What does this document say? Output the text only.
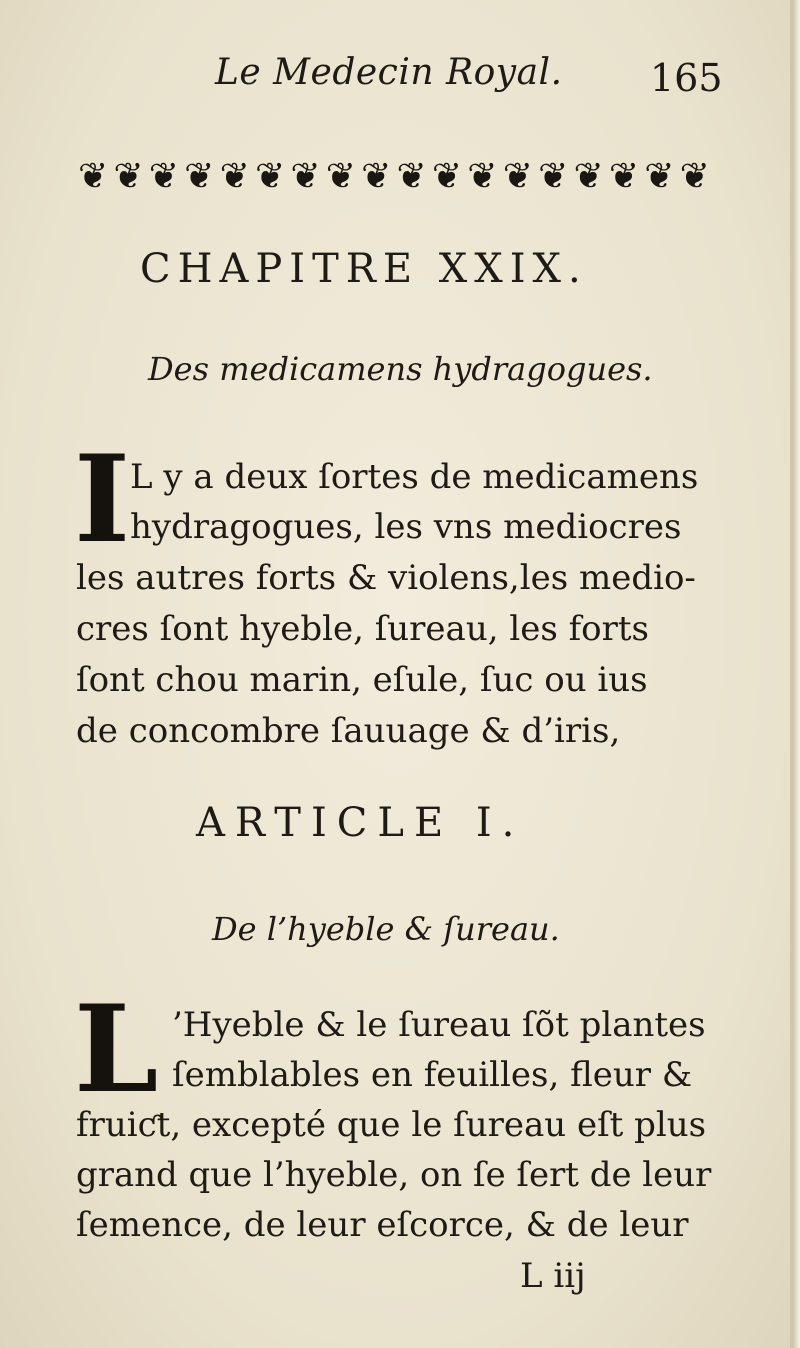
Le Medecin Royal. 165
❦ ❦ ❦ ❦ ❦ ❦ ❦ ❦ ❦ ❦ ❦ ❦ ❦ ❦ ❦ ❦ ❦ ❦
CHAPITRE XXIX.
Des medicamens hydragogues.
I L y a deux ſortes de medicamens
hydragogues, les vns mediocres
les autres forts & violens,les medio-
cres ſont hyeble, ſureau, les forts
ſont chou marin, eſule, ſuc ou ius
de concombre ſauuage & d’iris,
ARTICLE I.
De l’hyeble & ſureau.
L ’Hyeble & le ſureau ſõt plantes
ſemblables en feuilles, fleur &
fruiƈt, excepté que le ſureau eſt plus
grand que l’hyeble, on ſe ſert de leur
ſemence, de leur eſcorce, & de leur
L iij
